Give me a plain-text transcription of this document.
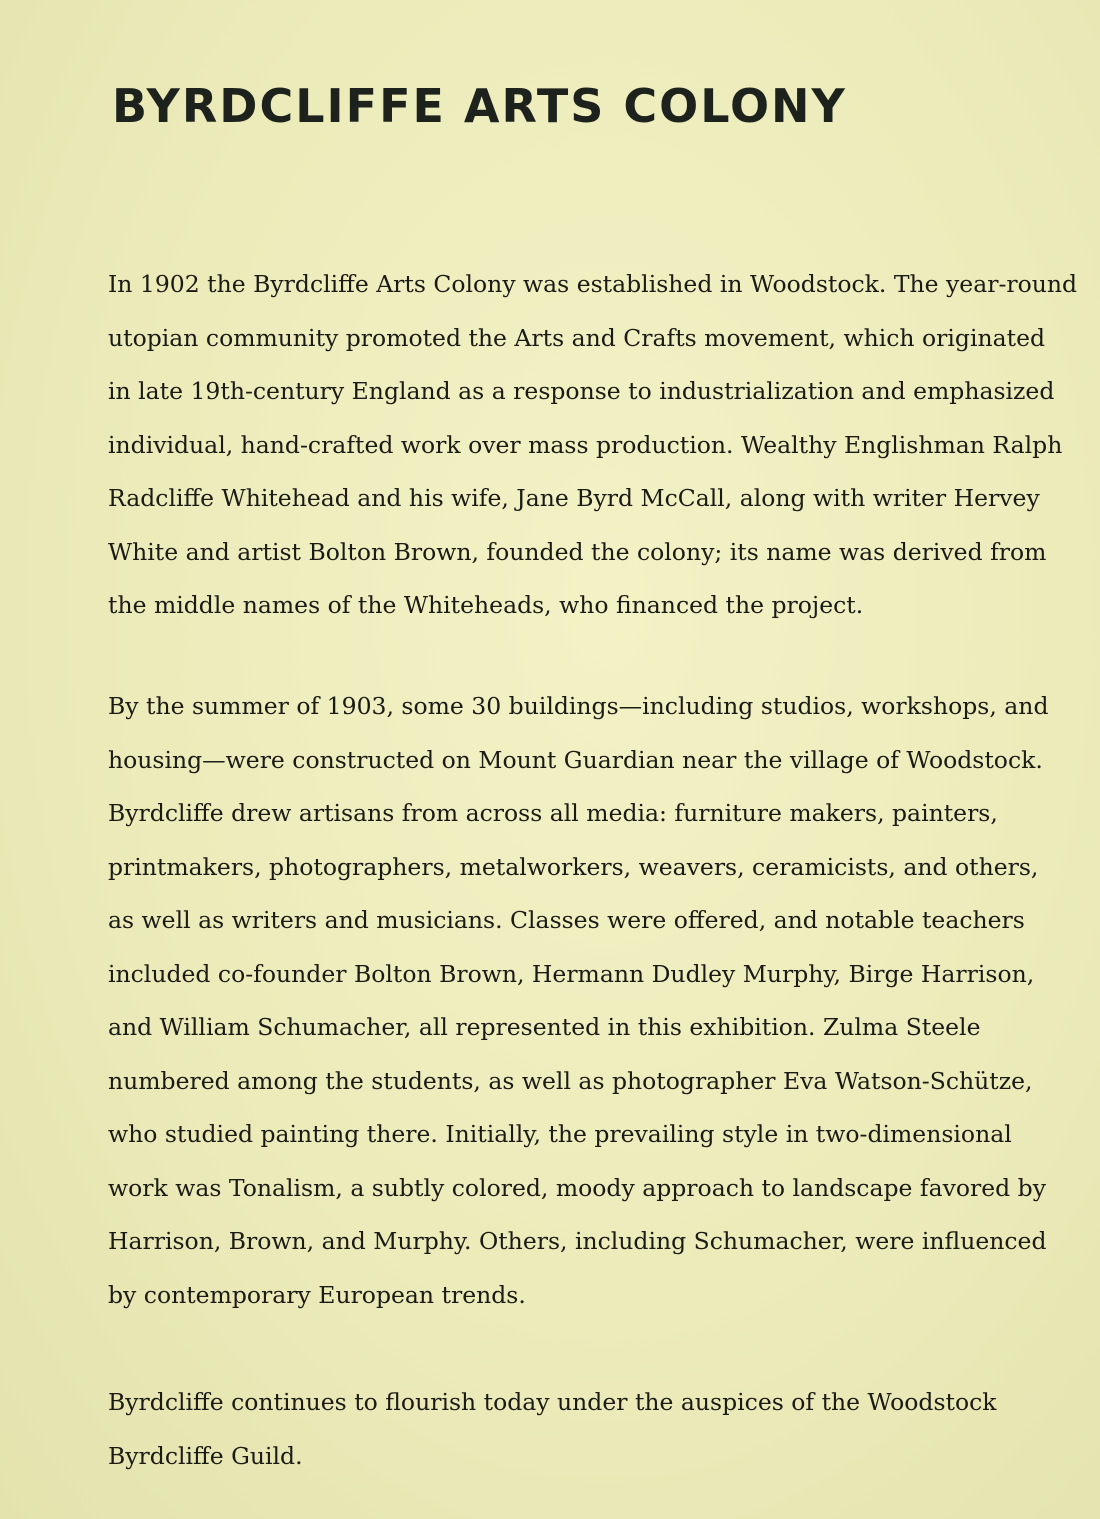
BYRDCLIFFE ARTS COLONY

In 1902 the Byrdcliffe Arts Colony was established in Woodstock. The year-round
utopian community promoted the Arts and Crafts movement, which originated
in late 19th-century England as a response to industrialization and emphasized
individual, hand-crafted work over mass production. Wealthy Englishman Ralph
Radcliffe Whitehead and his wife, Jane Byrd McCall, along with writer Hervey
White and artist Bolton Brown, founded the colony; its name was derived from
the middle names of the Whiteheads, who financed the project.

By the summer of 1903, some 30 buildings—including studios, workshops, and
housing—were constructed on Mount Guardian near the village of Woodstock.
Byrdcliffe drew artisans from across all media: furniture makers, painters,
printmakers, photographers, metalworkers, weavers, ceramicists, and others,
as well as writers and musicians. Classes were offered, and notable teachers
included co-founder Bolton Brown, Hermann Dudley Murphy, Birge Harrison,
and William Schumacher, all represented in this exhibition. Zulma Steele
numbered among the students, as well as photographer Eva Watson-Schütze,
who studied painting there. Initially, the prevailing style in two-dimensional
work was Tonalism, a subtly colored, moody approach to landscape favored by
Harrison, Brown, and Murphy. Others, including Schumacher, were influenced
by contemporary European trends.

Byrdcliffe continues to flourish today under the auspices of the Woodstock
Byrdcliffe Guild.
